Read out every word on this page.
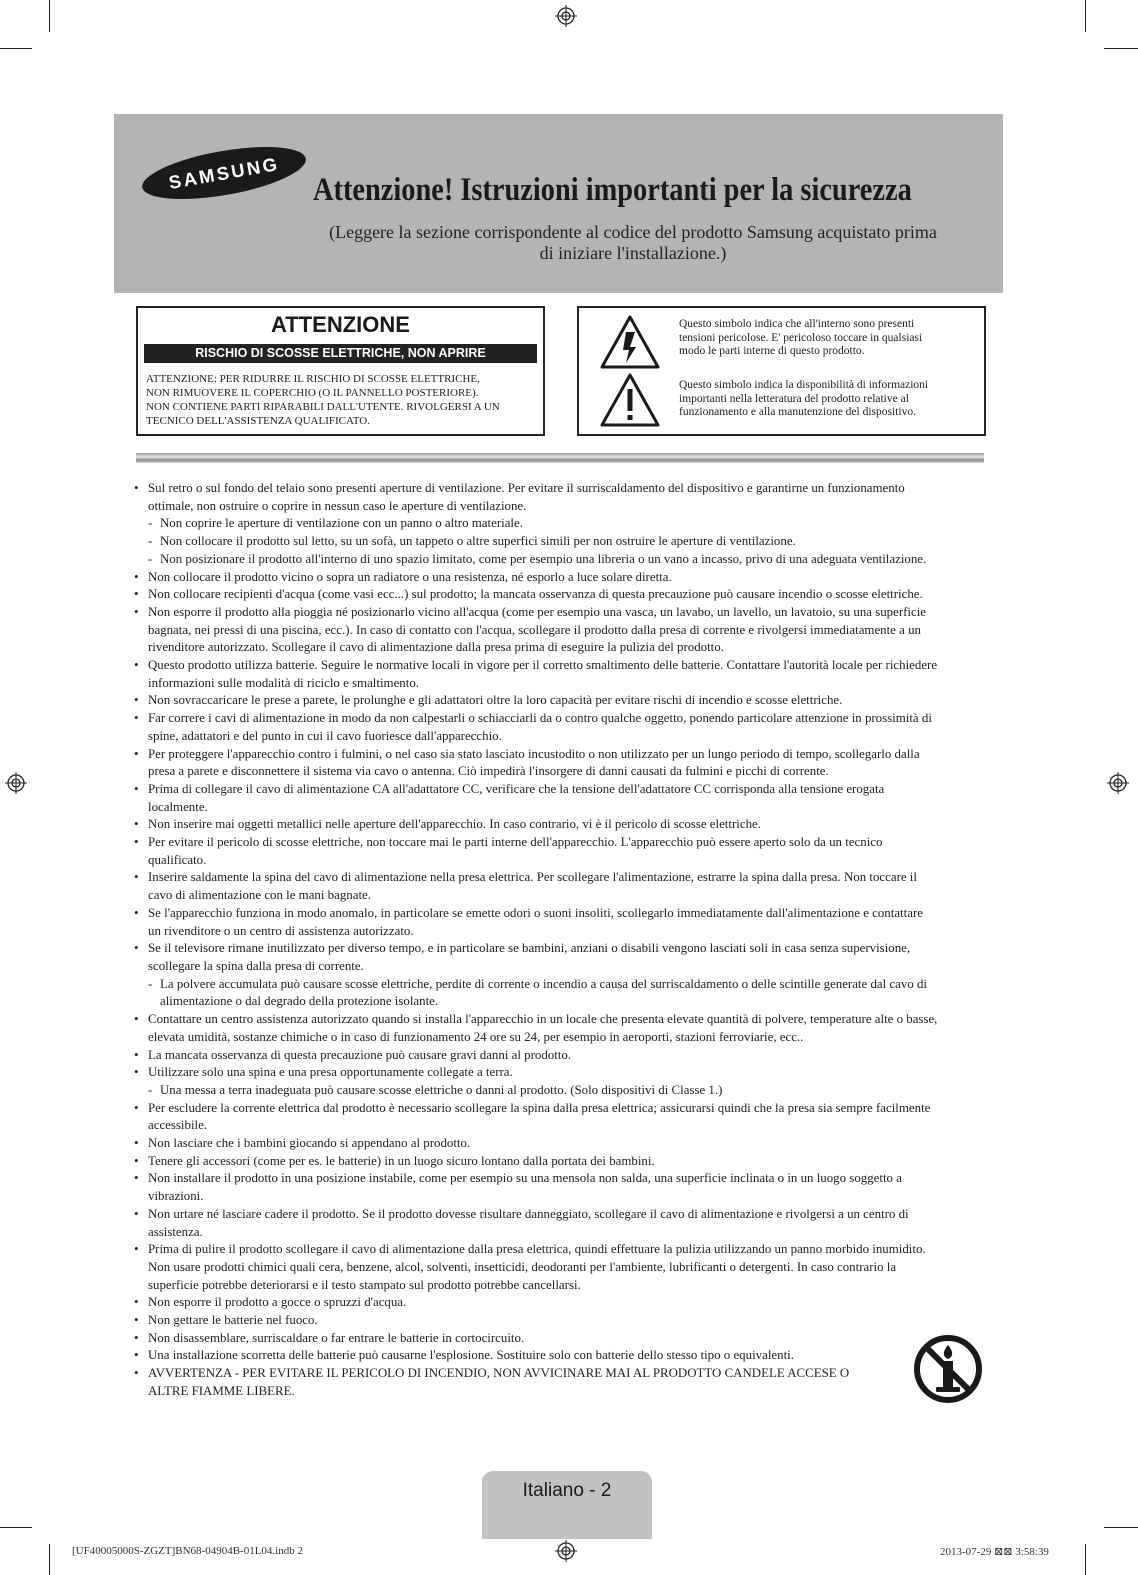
SAMSUNG Attenzione! Istruzioni importanti per la sicurezza
(Leggere la sezione corrispondente al codice del prodotto Samsung acquistato prima
di iniziare l'installazione.)
ATTENZIONE
RISCHIO DI SCOSSE ELETTRICHE, NON APRIRE
ATTENZIONE: PER RIDURRE IL RISCHIO DI SCOSSE ELETTRICHE,
NON RIMUOVERE IL COPERCHIO (O IL PANNELLO POSTERIORE).
NON CONTIENE PARTI RIPARABILI DALL'UTENTE. RIVOLGERSI A UN
TECNICO DELL'ASSISTENZA QUALIFICATO.
Questo simbolo indica che all'interno sono presenti
tensioni pericolose. E' pericoloso toccare in qualsiasi
modo le parti interne di questo prodotto.
Questo simbolo indica la disponibilità di informazioni
importanti nella letteratura del prodotto relative al
funzionamento e alla manutenzione del dispositivo.
• Sul retro o sul fondo del telaio sono presenti aperture di ventilazione. Per evitare il surriscaldamento del dispositivo e garantirne un funzionamento
ottimale, non ostruire o coprire in nessun caso le aperture di ventilazione.
- Non coprire le aperture di ventilazione con un panno o altro materiale.
- Non collocare il prodotto sul letto, su un sofà, un tappeto o altre superfici simili per non ostruire le aperture di ventilazione.
- Non posizionare il prodotto all'interno di uno spazio limitato, come per esempio una libreria o un vano a incasso, privo di una adeguata ventilazione.
• Non collocare il prodotto vicino o sopra un radiatore o una resistenza, né esporlo a luce solare diretta.
• Non collocare recipienti d'acqua (come vasi ecc...) sul prodotto; la mancata osservanza di questa precauzione può causare incendio o scosse elettriche.
• Non esporre il prodotto alla pioggia né posizionarlo vicino all'acqua (come per esempio una vasca, un lavabo, un lavello, un lavatoio, su una superficie
bagnata, nei pressi di una piscina, ecc.). In caso di contatto con l'acqua, scollegare il prodotto dalla presa di corrente e rivolgersi immediatamente a un
rivenditore autorizzato. Scollegare il cavo di alimentazione dalla presa prima di eseguire la pulizia del prodotto.
• Questo prodotto utilizza batterie. Seguire le normative locali in vigore per il corretto smaltimento delle batterie. Contattare l'autorità locale per richiedere
informazioni sulle modalità di riciclo e smaltimento.
• Non sovraccaricare le prese a parete, le prolunghe e gli adattatori oltre la loro capacità per evitare rischi di incendio e scosse elettriche.
• Far correre i cavi di alimentazione in modo da non calpestarli o schiacciarli da o contro qualche oggetto, ponendo particolare attenzione in prossimità di
spine, adattatori e del punto in cui il cavo fuoriesce dall'apparecchio.
• Per proteggere l'apparecchio contro i fulmini, o nel caso sia stato lasciato incustodito o non utilizzato per un lungo periodo di tempo, scollegarlo dalla
presa a parete e disconnettere il sistema via cavo o antenna. Ciò impedirà l'insorgere di danni causati da fulmini e picchi di corrente.
• Prima di collegare il cavo di alimentazione CA all'adattatore CC, verificare che la tensione dell'adattatore CC corrisponda alla tensione erogata
localmente.
• Non inserire mai oggetti metallici nelle aperture dell'apparecchio. In caso contrario, vi è il pericolo di scosse elettriche.
• Per evitare il pericolo di scosse elettriche, non toccare mai le parti interne dell'apparecchio. L'apparecchio può essere aperto solo da un tecnico
qualificato.
• Inserire saldamente la spina del cavo di alimentazione nella presa elettrica. Per scollegare l'alimentazione, estrarre la spina dalla presa. Non toccare il
cavo di alimentazione con le mani bagnate.
• Se l'apparecchio funziona in modo anomalo, in particolare se emette odori o suoni insoliti, scollegarlo immediatamente dall'alimentazione e contattare
un rivenditore o un centro di assistenza autorizzato.
• Se il televisore rimane inutilizzato per diverso tempo, e in particolare se bambini, anziani o disabili vengono lasciati soli in casa senza supervisione,
scollegare la spina dalla presa di corrente.
- La polvere accumulata può causare scosse elettriche, perdite di corrente o incendio a causa del surriscaldamento o delle scintille generate dal cavo di
alimentazione o dal degrado della protezione isolante.
• Contattare un centro assistenza autorizzato quando si installa l'apparecchio in un locale che presenta elevate quantità di polvere, temperature alte o basse,
elevata umidità, sostanze chimiche o in caso di funzionamento 24 ore su 24, per esempio in aeroporti, stazioni ferroviarie, ecc..
• La mancata osservanza di questa precauzione può causare gravi danni al prodotto.
• Utilizzare solo una spina e una presa opportunamente collegate a terra.
- Una messa a terra inadeguata può causare scosse elettriche o danni al prodotto. (Solo dispositivi di Classe 1.)
• Per escludere la corrente elettrica dal prodotto è necessario scollegare la spina dalla presa elettrica; assicurarsi quindi che la presa sia sempre facilmente
accessibile.
• Non lasciare che i bambini giocando si appendano al prodotto.
• Tenere gli accessori (come per es. le batterie) in un luogo sicuro lontano dalla portata dei bambini.
• Non installare il prodotto in una posizione instabile, come per esempio su una mensola non salda, una superficie inclinata o in un luogo soggetto a
vibrazioni.
• Non urtare né lasciare cadere il prodotto. Se il prodotto dovesse risultare danneggiato, scollegare il cavo di alimentazione e rivolgersi a un centro di
assistenza.
• Prima di pulire il prodotto scollegare il cavo di alimentazione dalla presa elettrica, quindi effettuare la pulizia utilizzando un panno morbido inumidito.
Non usare prodotti chimici quali cera, benzene, alcol, solventi, insetticidi, deodoranti per l'ambiente, lubrificanti o detergenti. In caso contrario la
superficie potrebbe deteriorarsi e il testo stampato sul prodotto potrebbe cancellarsi.
• Non esporre il prodotto a gocce o spruzzi d'acqua.
• Non gettare le batterie nel fuoco.
• Non disassemblare, surriscaldare o far entrare le batterie in cortocircuito.
• Una installazione scorretta delle batterie può causarne l'esplosione. Sostituire solo con batterie dello stesso tipo o equivalenti.
• AVVERTENZA - PER EVITARE IL PERICOLO DI INCENDIO, NON AVVICINARE MAI AL PRODOTTO CANDELE ACCESE O
ALTRE FIAMME LIBERE.
Italiano - 2
[UF40005000S-ZGZT]BN68-04904B-01L04.indb 2	2013-07-29 ⊠⊠ 3:58:39
